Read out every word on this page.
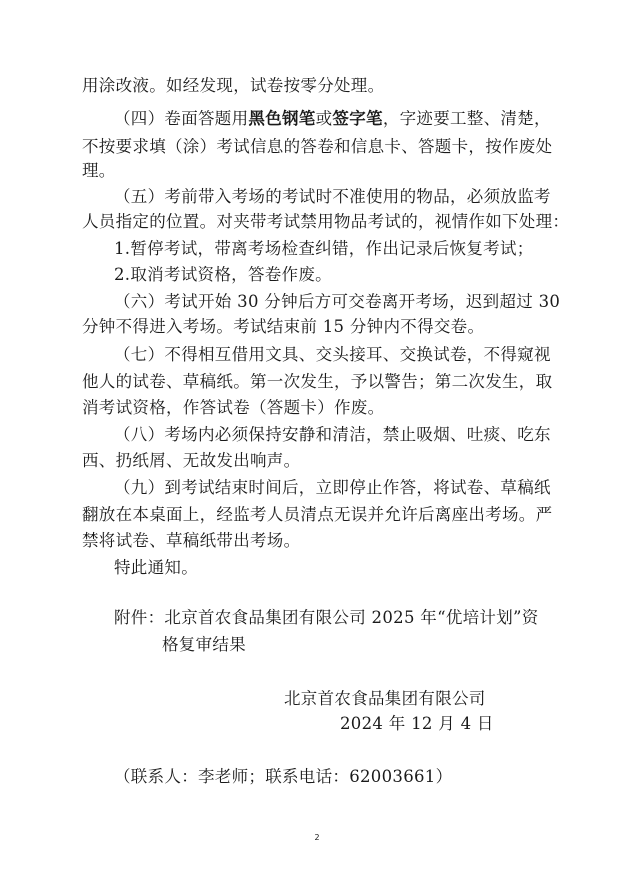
用涂改液。如经发现，试卷按零分处理。
（四）卷面答题用黑色钢笔或签字笔，字迹要工整、清楚，
不按要求填（涂）考试信息的答卷和信息卡、答题卡，按作废处
理。
（五）考前带入考场的考试时不准使用的物品，必须放监考
人员指定的位置。对夹带考试禁用物品考试的，视情作如下处理：
1.暂停考试，带离考场检查纠错，作出记录后恢复考试；
2.取消考试资格，答卷作废。
（六）考试开始 30 分钟后方可交卷离开考场，迟到超过 30
分钟不得进入考场。考试结束前 15 分钟内不得交卷。
（七）不得相互借用文具、交头接耳、交换试卷，不得窥视
他人的试卷、草稿纸。第一次发生，予以警告；第二次发生，取
消考试资格，作答试卷（答题卡）作废。
（八）考场内必须保持安静和清洁，禁止吸烟、吐痰、吃东
西、扔纸屑、无故发出响声。
（九）到考试结束时间后，立即停止作答，将试卷、草稿纸
翻放在本桌面上，经监考人员清点无误并允许后离座出考场。严
禁将试卷、草稿纸带出考场。
特此通知。
附件：北京首农食品集团有限公司 2025 年“优培计划”资
格复审结果
北京首农食品集团有限公司
2024 年 12 月 4 日
（联系人：李老师；联系电话：62003661）
2
